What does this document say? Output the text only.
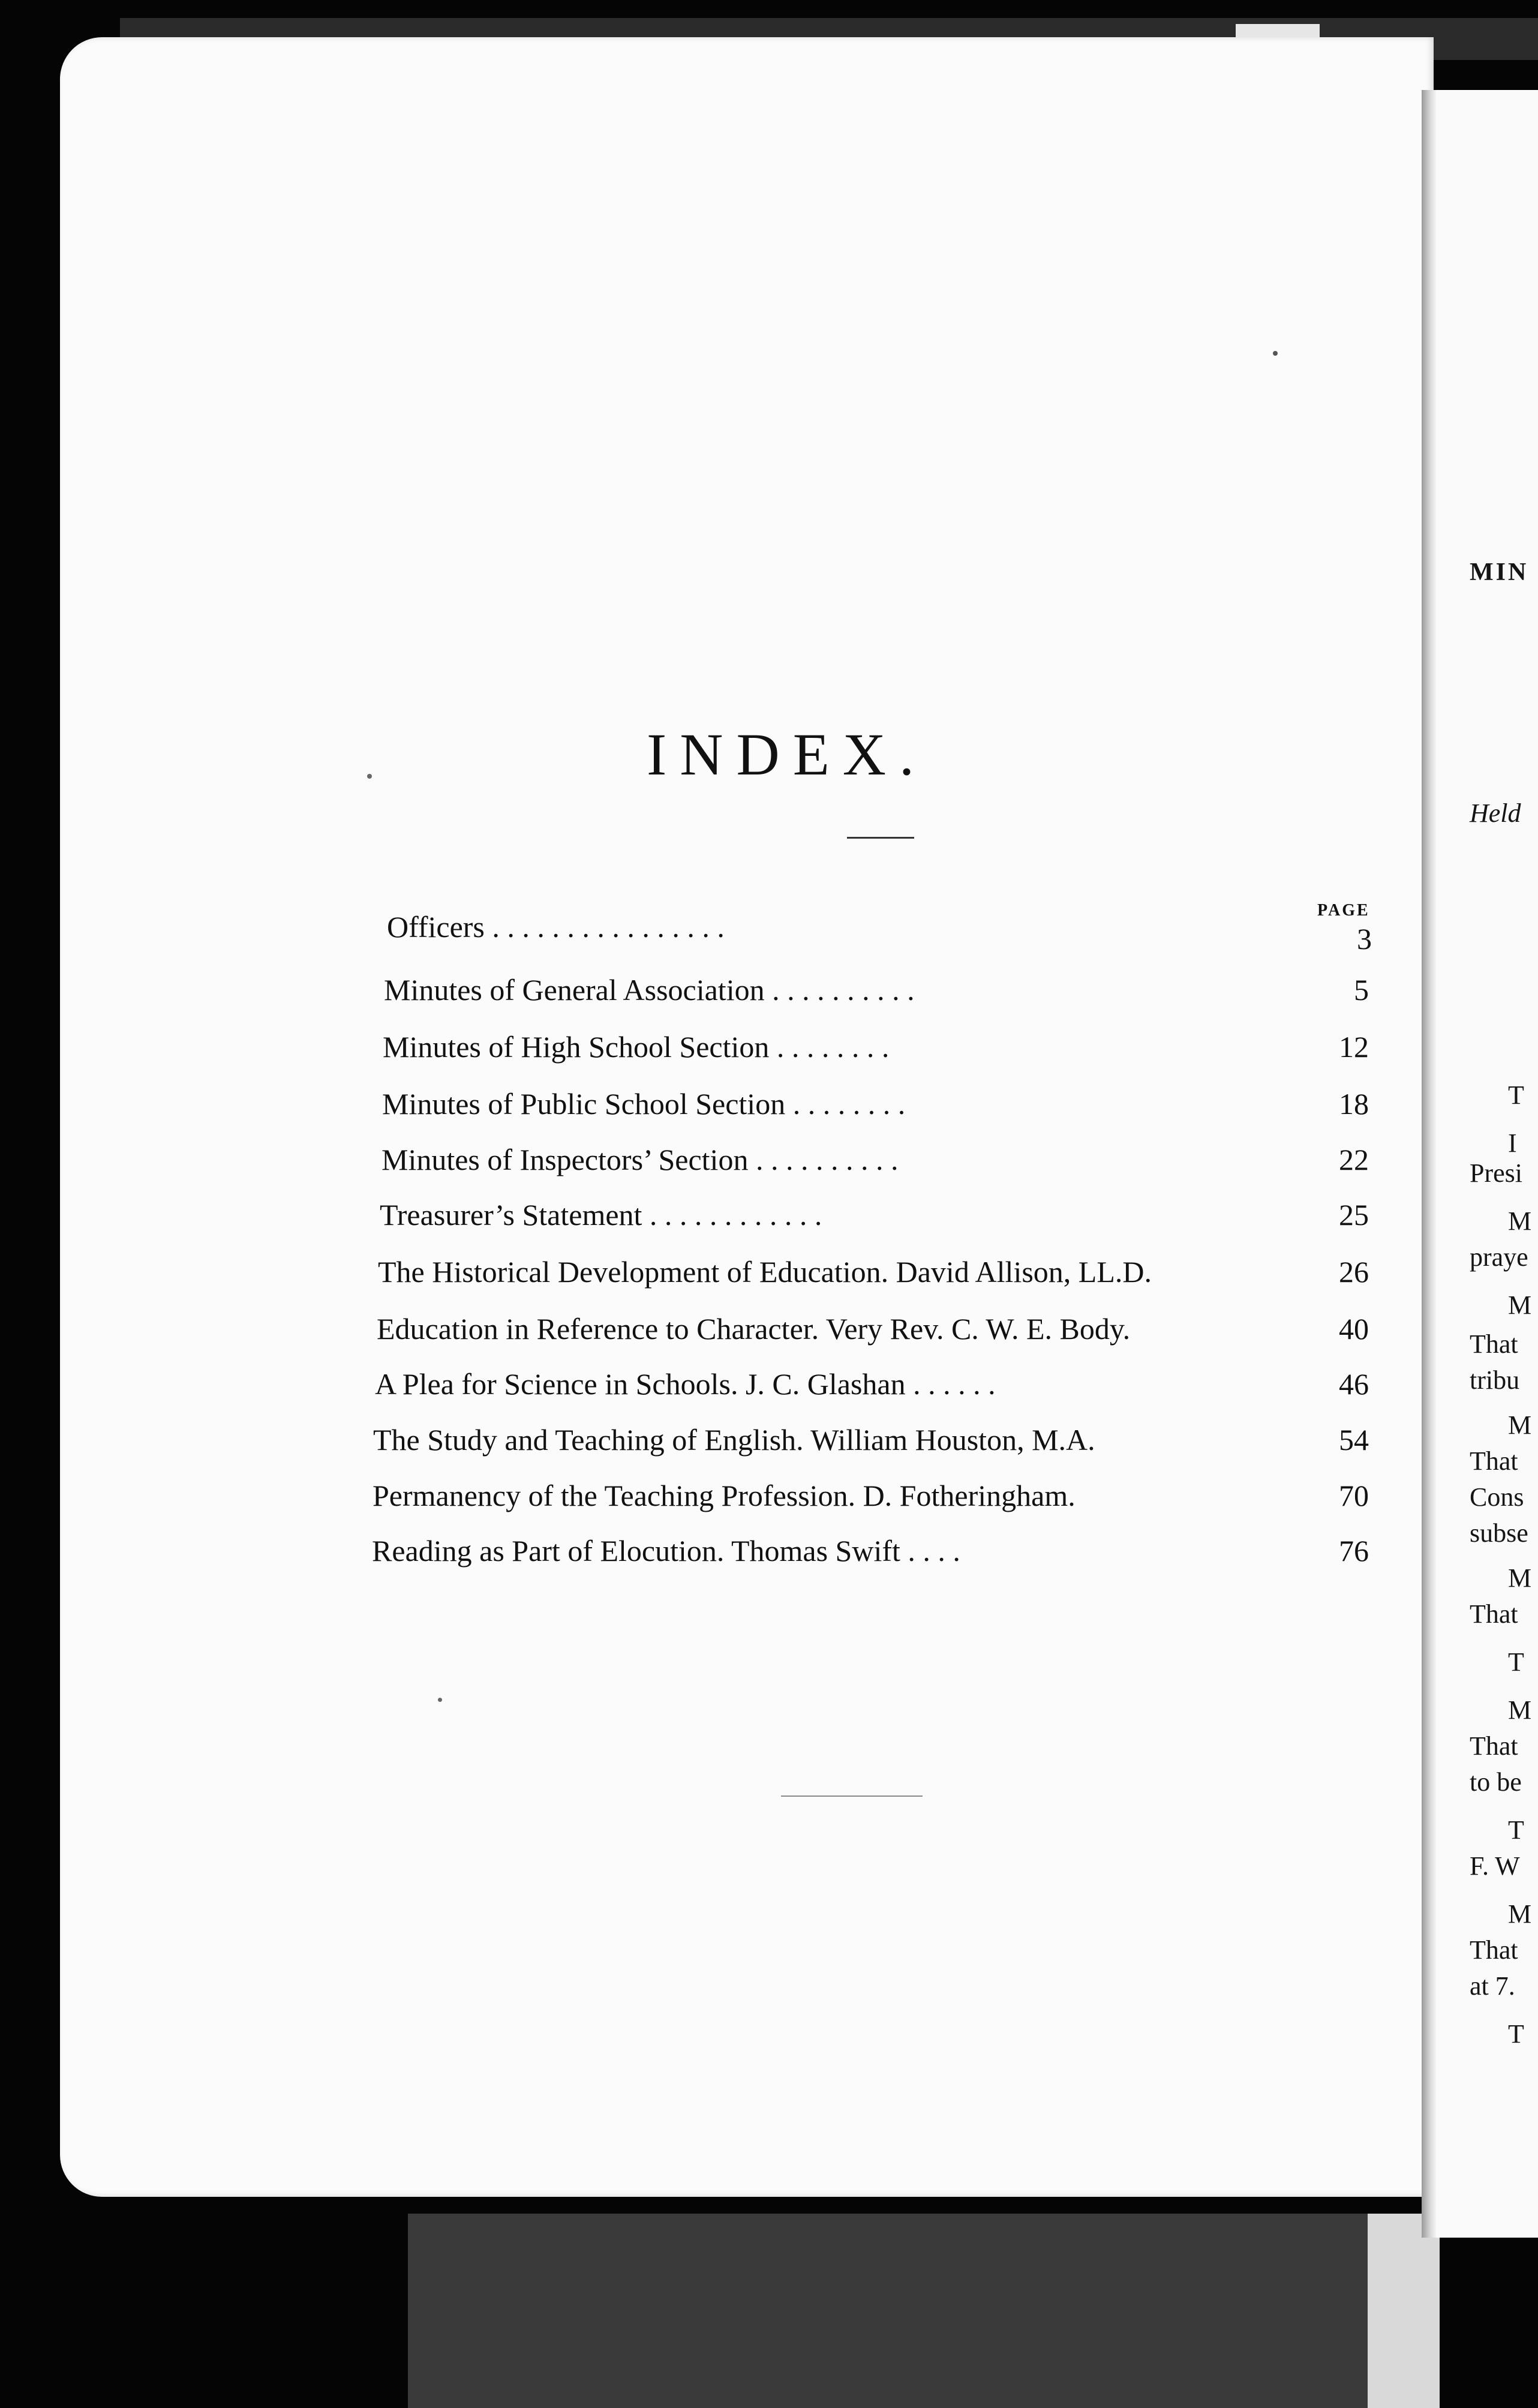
MIN
Held
T
I
Presi
M
praye
M
That
tribu
M
That
Cons
subse
M
That
T
M
That
to be
T
F. W
M
That
at 7.
T
INDEX.
PAGE
Officers . . . . . . . . . . . . . . . .	3
Minutes of General Association . . . . . . . . . .	5
Minutes of High School Section . . . . . . . .	12
Minutes of Public School Section . . . . . . . .	18
Minutes of Inspectors’ Section . . . . . . . . . .	22
Treasurer’s Statement . . . . . . . . . . . .	25
The Historical Development of Education. David Allison, LL.D.	26
Education in Reference to Character. Very Rev. C. W. E. Body.	40
A Plea for Science in Schools. J. C. Glashan . . . . . .	46
The Study and Teaching of English. William Houston, M.A.	54
Permanency of the Teaching Profession. D. Fotheringham.	70
Reading as Part of Elocution. Thomas Swift . . . .	76
